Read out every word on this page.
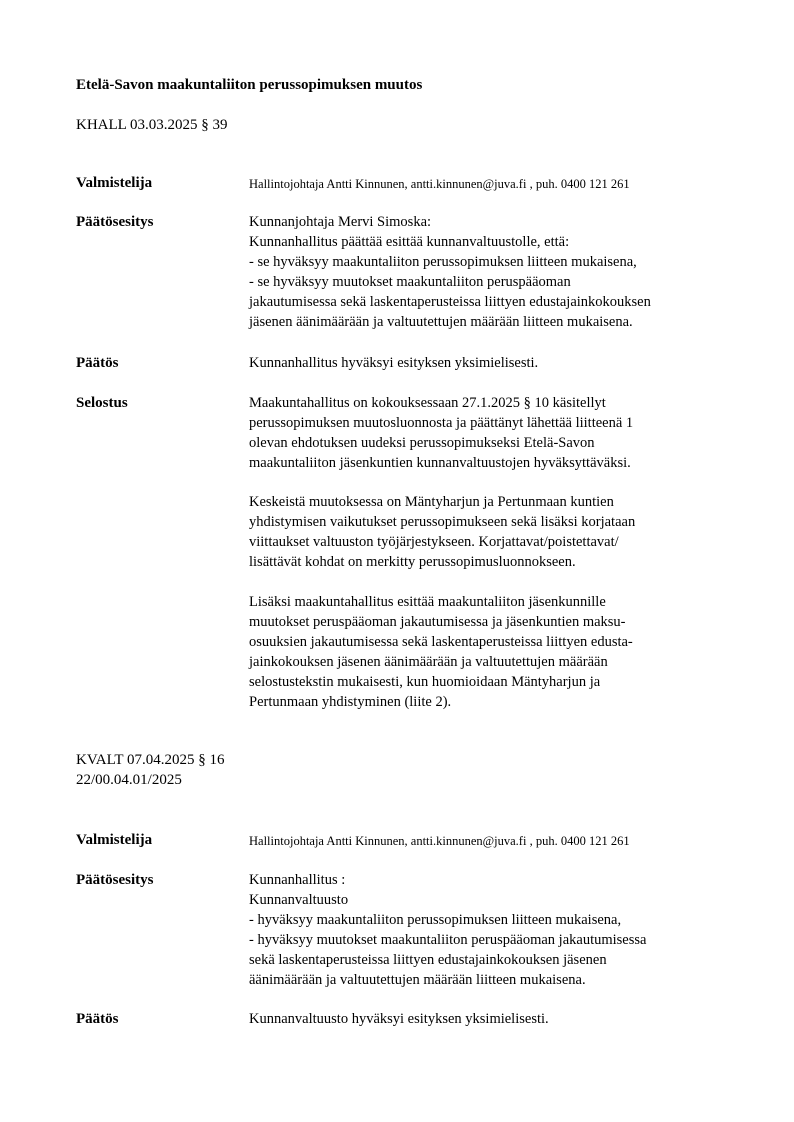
Etelä-Savon maakuntaliiton perussopimuksen muutos
KHALL 03.03.2025 § 39
Valmistelija	Hallintojohtaja Antti Kinnunen, antti.kinnunen@juva.fi , puh. 0400 121 261
Päätösesitys	Kunnanjohtaja Mervi Simoska:
Kunnanhallitus päättää esittää kunnanvaltuustolle, että:
- se hyväksyy maakuntaliiton perussopimuksen liitteen mukaisena,
- se hyväksyy muutokset maakuntaliiton peruspääoman
jakautumisessa sekä laskentaperusteissa liittyen edustajainkokouksen
jäsenen äänimäärään ja valtuutettujen määrään liitteen mukaisena.
Päätös	Kunnanhallitus hyväksyi esityksen yksimielisesti.
Selostus	Maakuntahallitus on kokouksessaan 27.1.2025 § 10 käsitellyt
perussopimuksen muutosluonnosta ja päättänyt lähettää liitteenä 1
olevan ehdotuksen uudeksi perussopimukseksi Etelä-Savon
maakuntaliiton jäsenkuntien kunnanvaltuustojen hyväksyttäväksi.
Keskeistä muutoksessa on Mäntyharjun ja Pertunmaan kuntien
yhdistymisen vaikutukset perussopimukseen sekä lisäksi korjataan
viittaukset valtuuston työjärjestykseen. Korjattavat/poistettavat/
lisättävät kohdat on merkitty perussopimusluonnokseen.
Lisäksi maakuntahallitus esittää maakuntaliiton jäsenkunnille
muutokset peruspääoman jakautumisessa ja jäsenkuntien maksu-
osuuksien jakautumisessa sekä laskentaperusteissa liittyen edusta-
jainkokouksen jäsenen äänimäärään ja valtuutettujen määrään
selostustekstin mukaisesti, kun huomioidaan Mäntyharjun ja
Pertunmaan yhdistyminen (liite 2).
KVALT 07.04.2025 § 16
22/00.04.01/2025
Valmistelija	Hallintojohtaja Antti Kinnunen, antti.kinnunen@juva.fi , puh. 0400 121 261
Päätösesitys	Kunnanhallitus :
Kunnanvaltuusto
- hyväksyy maakuntaliiton perussopimuksen liitteen mukaisena,
- hyväksyy muutokset maakuntaliiton peruspääoman jakautumisessa
sekä laskentaperusteissa liittyen edustajainkokouksen jäsenen
äänimäärään ja valtuutettujen määrään liitteen mukaisena.
Päätös	Kunnanvaltuusto hyväksyi esityksen yksimielisesti.
